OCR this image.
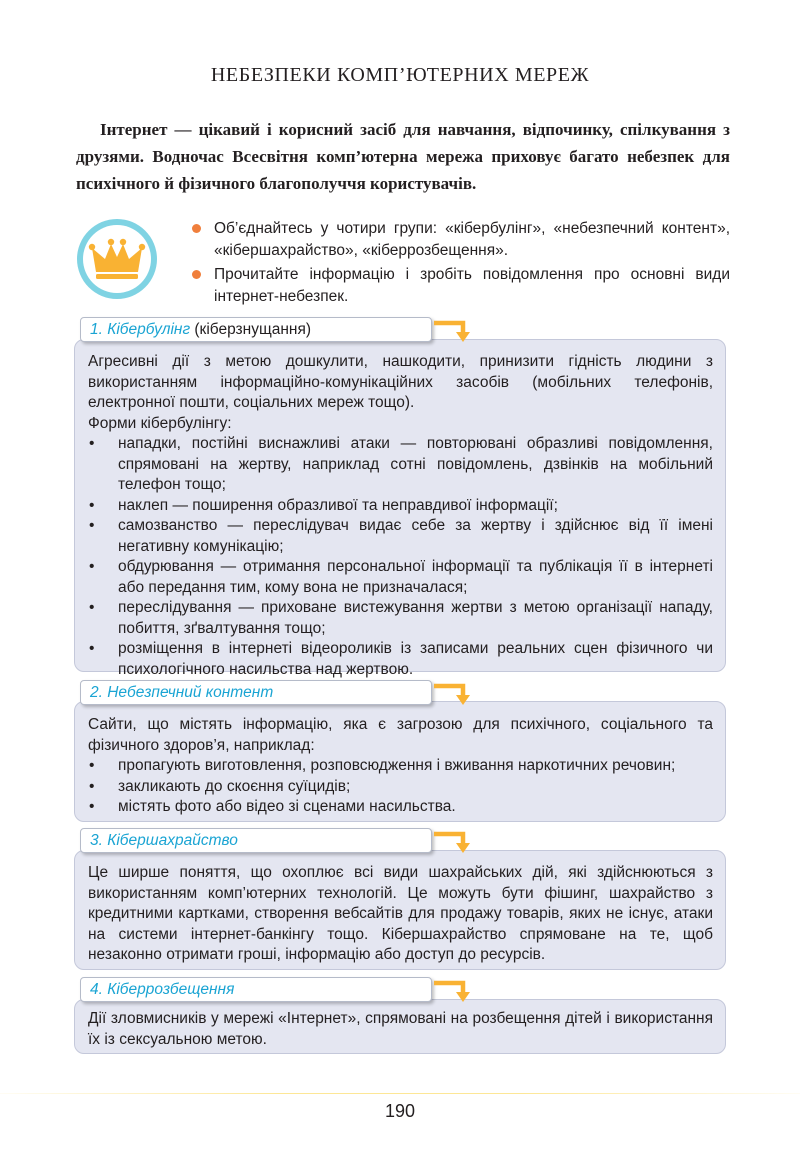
НЕБЕЗПЕКИ КОМП’ЮТЕРНИХ МЕРЕЖ

Інтернет — цікавий і корисний засіб для навчання, відпочинку, спілкування з друзями. Водночас Всесвітня комп’ютерна мережа приховує багато небезпек для психічного й фізичного благополуччя користувачів.

Об’єднайтесь у чотири групи: «кібербулінг», «небезпечний контент», «кібершахрайство», «кіберрозбещення».
Прочитайте інформацію і зробіть повідомлення про основні види інтернет-небезпек.
1. Кібербулінг (кіберзнущання)

Агресивні дії з метою дошкулити, нашкодити, принизити гідність людини з використанням інформаційно-комунікаційних засобів (мобільних телефонів, електронної пошти, соціальних мереж тощо).

Форми кібербулінгу:

• нападки, постійні виснажливі атаки — повторювані образливі повідомлення, спрямовані на жертву, наприклад сотні повідомлень, дзвінків на мобільний телефон тощо;
• наклеп — поширення образливої та неправдивої інформації;
• самозванство — переслідувач видає себе за жертву і здійснює від її імені негативну комунікацію;
• обдурювання — отримання персональної інформації та публікація її в інтернеті або передання тим, кому вона не призначалася;
• переслідування — приховане вистежування жертви з метою організації нападу, побиття, зґвалтування тощо;
• розміщення в інтернеті відеороликів із записами реальних сцен фізичного чи психологічного насильства над жертвою.
2. Небезпечний контент

Сайти, що містять інформацію, яка є загрозою для психічного, соціального та фізичного здоров’я, наприклад:

• пропагують виготовлення, розповсюдження і вживання наркотичних речовин;
• закликають до скоєння суїцидів;
• містять фото або відео зі сценами насильства.
3. Кібершахрайство

Це ширше поняття, що охоплює всі види шахрайських дій, які здійснюються з використанням комп’ютерних технологій. Це можуть бути фішинг, шахрайство з кредитними картками, створення вебсайтів для продажу товарів, яких не існує, атаки на системи інтернет-банкінгу тощо. Кібершахрайство спрямоване на те, щоб незаконно отримати гроші, інформацію або доступ до ресурсів.

4. Кіберрозбещення

Дії зловмисників у мережі «Інтернет», спрямовані на розбещення дітей і використання їх із сексуальною метою.

190
